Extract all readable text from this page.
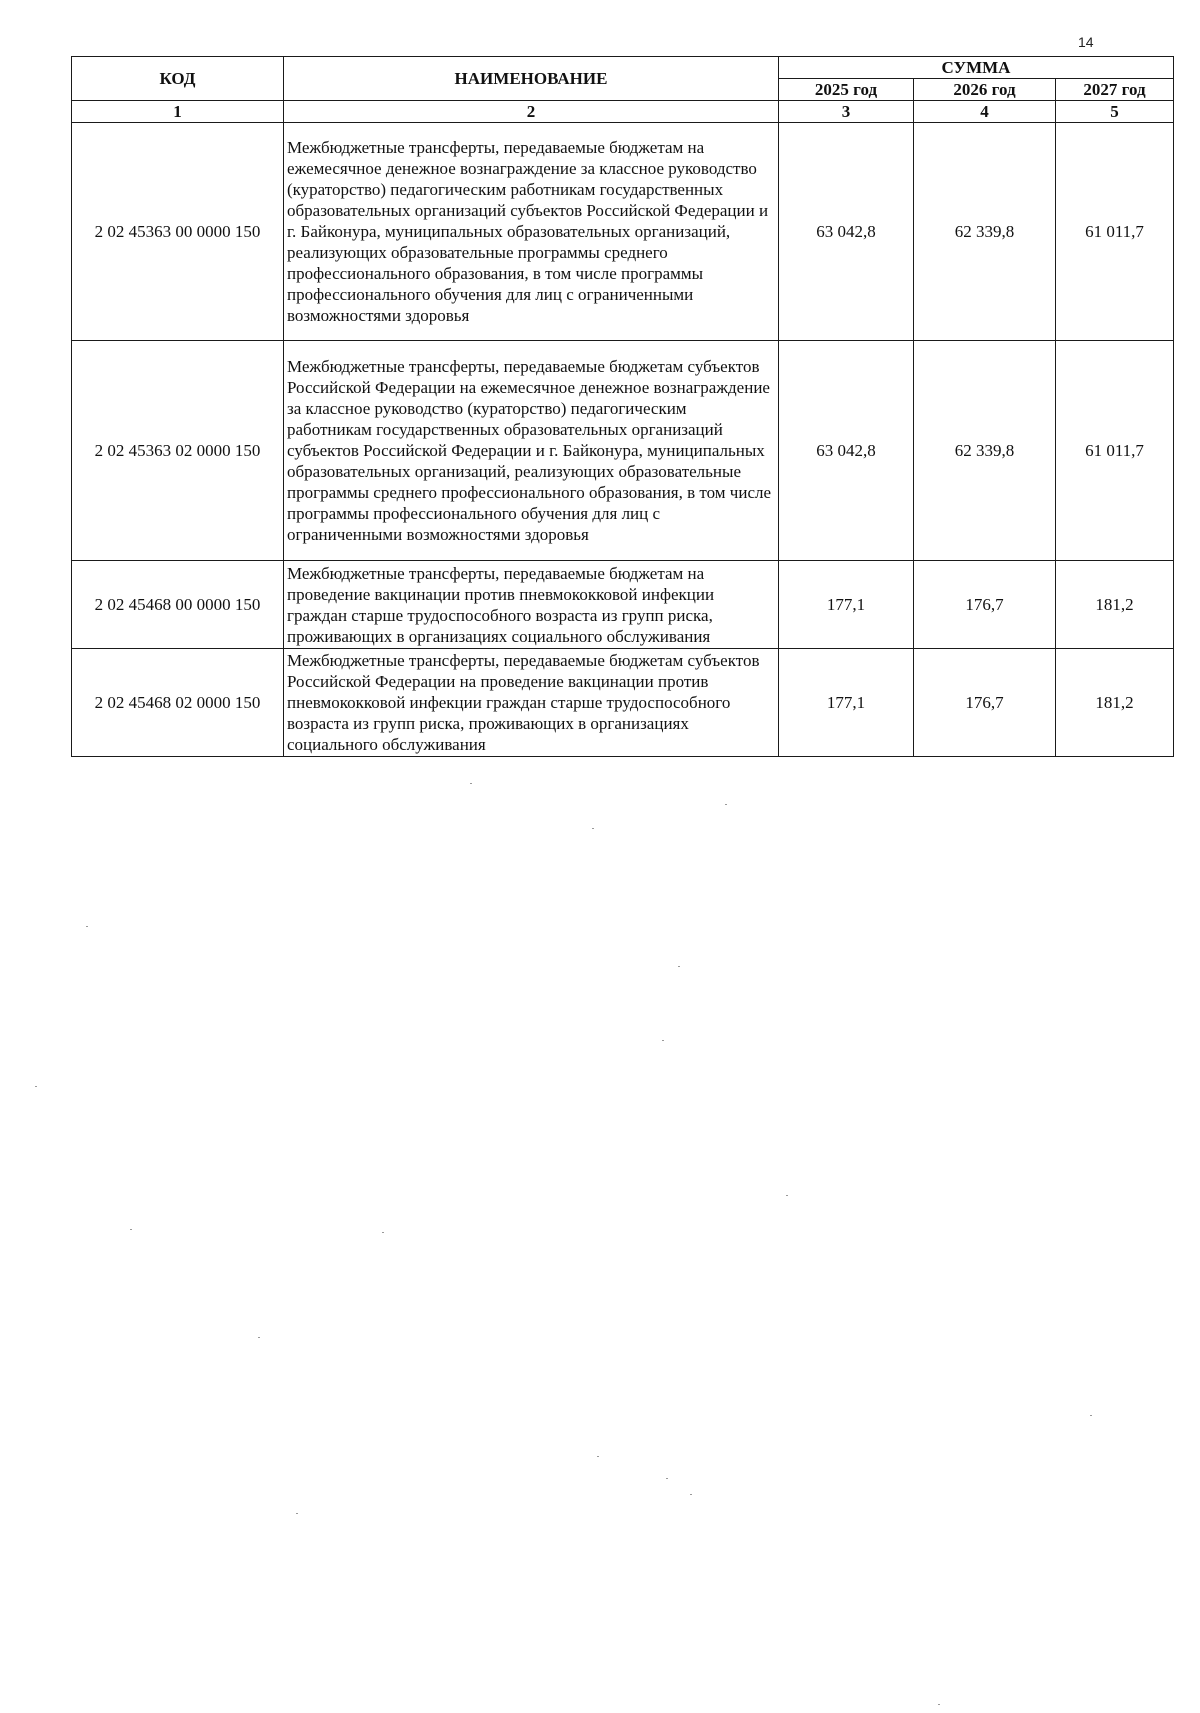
14
КОД	НАИМЕНОВАНИЕ	СУММА		
		2025 год	2026 год	2027 год
1	2	3	4	5
2 02 45363 00 0000 150	Межбюджетные трансферты, передаваемые бюджетам на ежемесячное денежное вознаграждение за классное руководство (кураторство) педагогическим работникам государственных образовательных организаций субъектов Российской Федерации и г. Байконура, муниципальных образовательных организаций, реализующих образовательные программы среднего профессионального образования, в том числе программы профессионального обучения для лиц с ограниченными возможностями здоровья	63 042,8	62 339,8	61 011,7
2 02 45363 02 0000 150	Межбюджетные трансферты, передаваемые бюджетам субъектов Российской Федерации на ежемесячное денежное вознаграждение за классное руководство (кураторство) педагогическим работникам государственных образовательных организаций субъектов Российской Федерации и г. Байконура, муниципальных образовательных организаций, реализующих образовательные программы среднего профессионального образования, в том числе программы профессионального обучения для лиц с ограниченными возможностями здоровья	63 042,8	62 339,8	61 011,7
2 02 45468 00 0000 150	Межбюджетные трансферты, передаваемые бюджетам на проведение вакцинации против пневмококковой инфекции граждан старше трудоспособного возраста из групп риска, проживающих в организациях социального обслуживания	177,1	176,7	181,2
2 02 45468 02 0000 150	Межбюджетные трансферты, передаваемые бюджетам субъектов Российской Федерации на проведение вакцинации против пневмококковой инфекции граждан старше трудоспособного возраста из групп риска, проживающих в организациях социального обслуживания	177,1	176,7	181,2
